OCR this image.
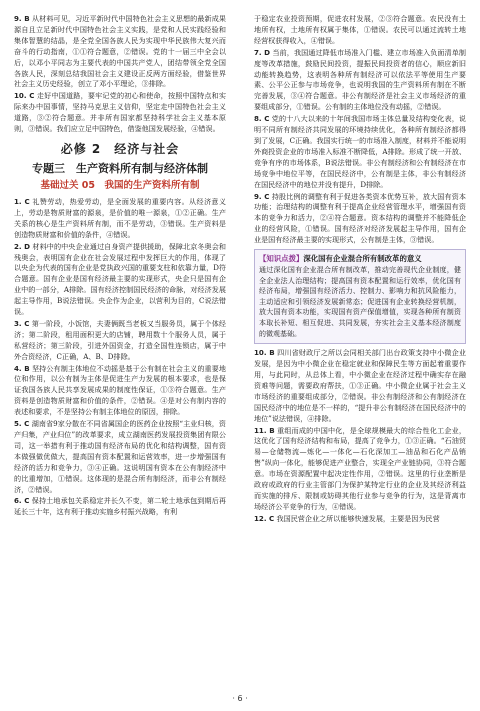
9. B 从材料可见，习近平新时代中国特色社会主义思想的最新成果源自且立足新时代中国特色社会主义实践，是党和人民实践经验和集体智慧的结晶，是全党全国各族人民为实现中华民族伟大复兴而奋斗的行动指南，①①符合题意，②错误。党的十一届三中全会以后，以邓小平同志为主要代表的中国共产党人，团结带领全党全国各族人民，深刻总结我国社会主义建设正反两方面经验，借鉴世界社会主义历史经验，创立了邓小平理论，③排除。

10. C 走好中国道路，要牢记党的初心和使命，按照中国特点和实际来办中国事情，坚持马克思主义信仰，坚定走中国特色社会主义道路，③②符合题意。并非所有国家都坚持科学社会主义基本原则，③错误。我们应立足中国特色，借鉴他国发展经验，④错误。

必修 2　经济与社会
专题三　生产资料所有制与经济体制
基础过关 05　我国的生产资料所有制

1. C 礼赞劳动，热爱劳动，是全面发展的重要内容。从经济意义上，劳动是物质财富的源泉，是价值的唯一源泉，①②正确。生产关系的核心是生产资料所有制，而不是劳动，③错误。生产资料是创造物质财富和价值的条件，④错误。

2. D 材料中的中央企业通过自身资产提供援助，保障北京冬奥会和残奥会，表明国有企业在社会发展过程中发挥巨大的作用，体现了以央企为代表的国有企业是党执政兴国的重要支柱和依靠力量，D符合题意。国有企业是国有经济最主要的实现形式，央企只是国有企业中的一部分，A排除。国有经济控制国民经济的命脉，对经济发展起主导作用，B说法错误。央企作为企业，以营利为目的，C说法错误。

3. C 第一阶段，小饭馆，夫妻俩既当老板又当服务员，属于个体经济；第二阶段，租用面积更大的店铺，聘用数十个服务人员，属于私营经济；第三阶段，引进外国资金，打造全国性连锁店，属于中外合资经济，C正确，A、B、D排除。

4. B 坚持公有制主体地位不动摇是基于公有制在社会主义的重要地位和作用，以公有制为主体是促进生产力发展的根本要求，也是保证我国各族人民共享发展成果的制度性保证，①③符合题意。生产资料是创造物质财富和价值的条件，②错误。④是对公有制内容的表述和要求，不是坚持公有制主体地位的原因，排除。

5. C 湖南省9家分散在不同省属国企的医药企业按照“主业归核，资产归集，产业归位”的改革要求，成立湖南医药发展投资集团有限公司，这一举措有利于推动国有经济布局的优化和结构调整，国有资本做强做优做大，提高国有资本配置和运营效率，进一步增强国有经济的活力和竞争力，③④正确。这说明国有资本在公有制经济中的比重增加，①错误。这体现的是混合所有制经济，而非公有制经济，②错误。

6. C 保持土地承包关系稳定并长久不变，第二轮土地承包到期后再延长三十年，这有利于推动实施乡村振兴战略，有利

于稳定农业投资预期，促进农村发展，②③符合题意。农民没有土地所有权，土地所有权属于集体，①错误。农民可以通过流转土地经营权获得收入，④错误。

7. D 当前，我国通过降低市场准入门槛、建立市场准入负面清单制度等改革措施，鼓励民间投资，提振民间投资者的信心，顺应新旧动能转换趋势，这表明各种所有制经济可以依法平等使用生产要素、公平公正参与市场竞争，也说明我国的生产资料所有制在不断完善发展，③④符合题意。非公有制经济是社会主义市场经济的重要组成部分，①错误。公有制的主体地位没有动摇，②错误。

8. C 党的十八大以来的十年间我国市场主体总量及结构变化表，说明不同所有制经济共同发展的环境持续优化，各种所有制经济都得到了发展，C正确。我国实行统一的市场准入制度，材料并不能说明外商投资企业的市场准入标准不断降低，A排除。形成了统一开放、竞争有序的市场体系，B说法错误。非公有制经济和公有制经济在市场竞争中地位平等，在国民经济中，公有制是主体，非公有制经济在国民经济中的地位并没有提升，D排除。

9. C 持股比例的调整有利于促进各类资本优势互补，放大国有资本功能；治理结构的调整有利于提高企业经营管理水平，增强国有资本的竞争力和活力，②④符合题意。资本结构的调整并不能降低企业的经营风险，①错误。国有经济对经济发展起主导作用，国有企业是国有经济最主要的实现形式，公有制是主体，③错误。

【知识点拨】深化国有企业混合所有制改革的意义
通过深化国有企业混合所有制改革，推动完善现代企业制度，健全企业法人治理结构；提高国有资本配置和运行效率，优化国有经济布局，增强国有经济活力、控制力、影响力和抗风险能力，主动适应和引领经济发展新常态；促进国有企业转换经营机制，放大国有资本功能，实现国有资产保值增值，实现各种所有制资本取长补短、相互促进、共同发展，夯实社会主义基本经济制度的微观基础。

10. B 四川省财政厅之所以会同相关部门出台政策支持中小微企业发展，是因为中小微企业在稳定就业和保障民生等方面起着重要作用，与此同时，从总体上看，中小微企业在经济过程中确实存在融资难等问题，需要政府帮扶，①③正确。中小微企业属于社会主义市场经济的重要组成部分，②错误。非公有制经济和公有制经济在国民经济中的地位是不一样的，“提升非公有制经济在国民经济中的地位”说法错误，④排除。

11. B 重组而成的中国中化，是全球规模最大的综合性化工企业，这优化了国有经济结构和布局，提高了竞争力，①③正确。“石油贸易—仓储物流—炼化—一体化—石化深加工—油品和石化产品销售”纵向一体化，能够促进产业整合，实现全产业链协同，③符合题意。市场在资源配置中起决定性作用，②错误。这里的行业垄断是政府或政府的行业主管部门为保护某特定行业的企业及其经济利益而实施的排斥、限制或妨碍其他行业参与竞争的行为，这是背离市场经济公平竞争的行为，④错误。

12. C 我国民营企业之所以能够快速发展，主要是因为民营

· 6 ·
